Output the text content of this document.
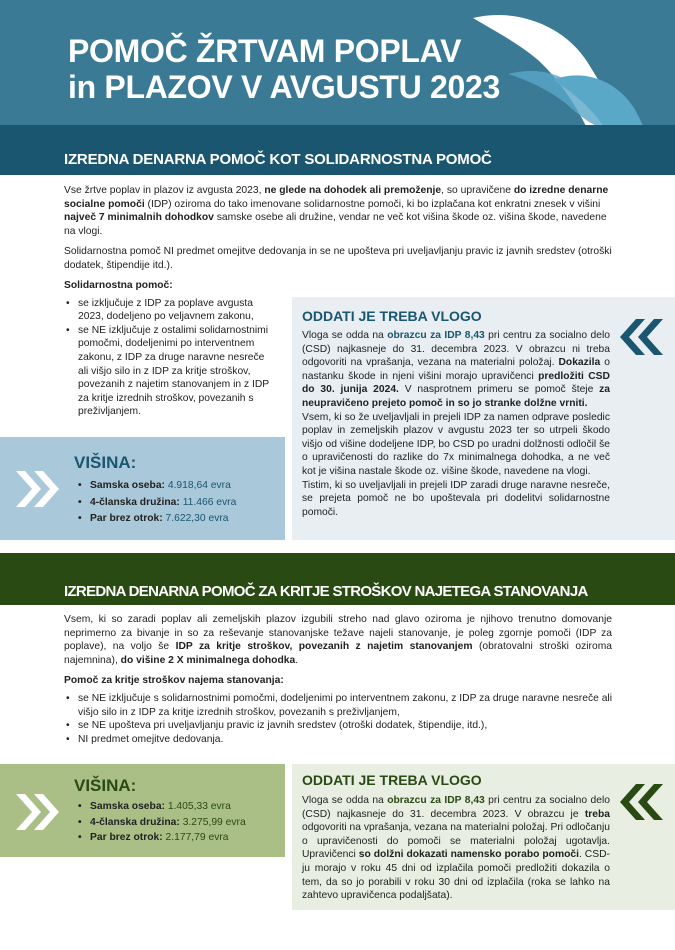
POMOČ ŽRTVAM POPLAV
in PLAZOV V AVGUSTU 2023
IZREDNA DENARNA POMOČ KOT SOLIDARNOSTNA POMOČ

Vse žrtve poplav in plazov iz avgusta 2023, ne glede na dohodek ali premoženje, so upravičene do izredne denarne socialne pomoči (IDP) oziroma do tako imenovane solidarnostne pomoči, ki bo izplačana kot enkratni znesek v višini največ 7 minimalnih dohodkov samske osebe ali družine, vendar ne več kot višina škode oz. višina škode, navedene na vlogi.

Solidarnostna pomoč NI predmet omejitve dedovanja in se ne upošteva pri uveljavljanju pravic iz javnih sredstev (otroški dodatek, štipendije itd.).

Solidarnostna pomoč:

• se izključuje z IDP za poplave avgusta 2023, dodeljeno po veljavnem zakonu,
• se NE izključuje z ostalimi solidarnostnimi pomočmi, dodeljenimi po interventnem zakonu, z IDP za druge naravne nesreče ali višjo silo in z IDP za kritje stroškov, povezanih z najetim stanovanjem in z IDP za kritje izrednih stroškov, povezanih s preživljanjem.
VIŠINA:
• Samska oseba: 4.918,64 evra
• 4-članska družina: 11.466 evra
• Par brez otrok: 7.622,30 evra
ODDATI JE TREBA VLOGO

Vloga se odda na obrazcu za IDP 8,43 pri centru za socialno delo (CSD) najkasneje do 31. decembra 2023. V obrazcu ni treba odgovoriti na vprašanja, vezana na materialni položaj. Dokazila o nastanku škode in njeni višini morajo upravičenci predložiti CSD do 30. junija 2024. V nasprotnem primeru se pomoč šteje za neupravičeno prejeto pomoč in so jo stranke dolžne vrniti.

Vsem, ki so že uveljavljali in prejeli IDP za namen odprave posledic poplav in zemeljskih plazov v avgustu 2023 ter so utrpeli škodo višjo od višine dodeljene IDP, bo CSD po uradni dolžnosti odločil še o upravičenosti do razlike do 7x minimalnega dohodka, a ne več kot je višina nastale škode oz. višine škode, navedene na vlogi.

Tistim, ki so uveljavljali in prejeli IDP zaradi druge naravne nesreče, se prejeta pomoč ne bo upoštevala pri dodelitvi solidarnostne pomoči.

IZREDNA DENARNA POMOČ ZA KRITJE STROŠKOV NAJETEGA STANOVANJA

Vsem, ki so zaradi poplav ali zemeljskih plazov izgubili streho nad glavo oziroma je njihovo trenutno domovanje neprimerno za bivanje in so za reševanje stanovanjske težave najeli stanovanje, je poleg zgornje pomoči (IDP za poplave), na voljo še IDP za kritje stroškov, povezanih z najetim stanovanjem (obratovalni stroški oziroma najemnina), do višine 2 X minimalnega dohodka.

Pomoč za kritje stroškov najema stanovanja:

• se NE izključuje s solidarnostnimi pomočmi, dodeljenimi po interventnem zakonu, z IDP za druge naravne nesreče ali višjo silo in z IDP za kritje izrednih stroškov, povezanih s preživljanjem,
• se NE upošteva pri uveljavljanju pravic iz javnih sredstev (otroški dodatek, štipendije, itd.),
• NI predmet omejitve dedovanja.
VIŠINA:
• Samska oseba: 1.405,33 evra
• 4-članska družina: 3.275,99 evra
• Par brez otrok: 2.177,79 evra
ODDATI JE TREBA VLOGO

Vloga se odda na obrazcu za IDP 8,43 pri centru za socialno delo (CSD) najkasneje do 31. decembra 2023. V obrazcu je treba odgovoriti na vprašanja, vezana na materialni položaj. Pri odločanju o upravičenosti do pomoči se materialni položaj ugotavlja. Upravičenci so dolžni dokazati namensko porabo pomoči. CSD-ju morajo v roku 45 dni od izplačila pomoči predložiti dokazila o tem, da so jo porabili v roku 30 dni od izplačila (roka se lahko na zahtevo upravičenca podaljšata).
